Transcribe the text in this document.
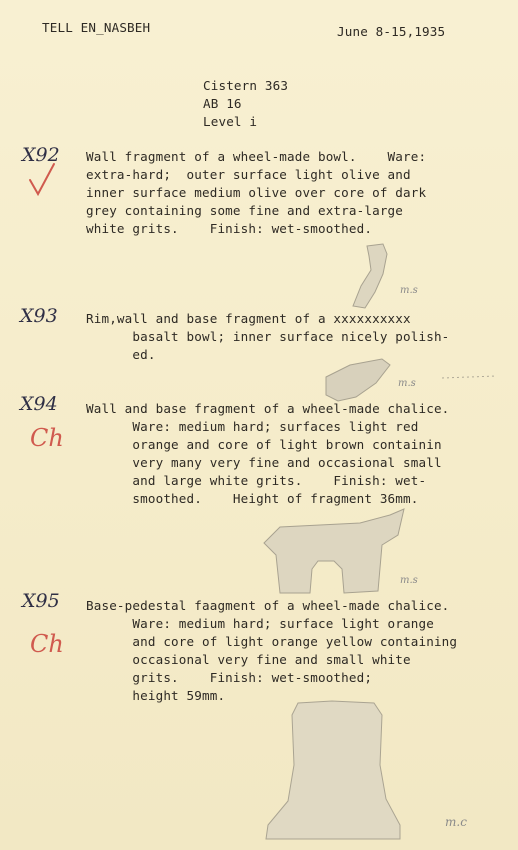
TELL EN_NASBEH	June 8-15,1935
Cistern 363
AB 16
Level i
X92 Wall fragment of a wheel-made bowl.    Ware:
extra-hard;  outer surface light olive and
inner surface medium olive over core of dark
grey containing some fine and extra-large
white grits.    Finish: wet-smoothed.
m.s
X93 Rim,wall and base fragment of a xxxxxxxxxx
basalt bowl; inner surface nicely polish-
ed.
m.s
X94
Ch
Wall and base fragment of a wheel-made chalice.
Ware: medium hard; surfaces light red
orange and core of light brown containin
very many very fine and occasional small
and large white grits.    Finish: wet-
smoothed.    Height of fragment 36mm.
m.s
X95
Ch
Base-pedestal faagment of a wheel-made chalice.
Ware: medium hard; surface light orange
and core of light orange yellow containing
occasional very fine and small white
grits.    Finish: wet-smoothed;
height 59mm.
m.c
